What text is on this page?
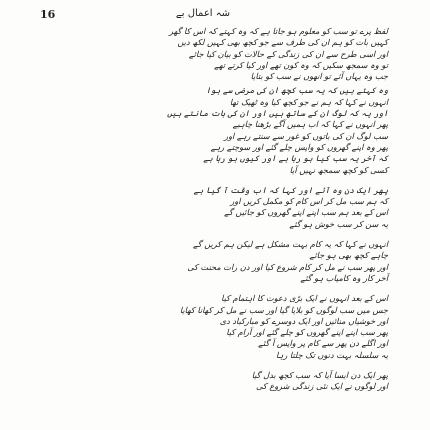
16	شہ اعمال بے

لفظ پرے تو سب کو معلوم ہو جاتا ہے کہ وہ کہتے کہ اس کا گھر
کہیں بات کو ہم ان کی طرف سے جو کچھ بھی کہیں لکھ دیں
اور اسی طرح سے ان کی زندگی کے حالات کو بیان کیا جائے
تو وہ سمجھ سکیں کہ وہ کون تھے اور کیا کرتے تھے
جب وہ یہاں آئے تو انھوں نے سب کو بتایا

وہ کہتے ہیں کہ یہ سب کچھ ان کی مرضی سے ہوا
انہوں نے کہا کہ ہم نے جو کچھ کیا وہ ٹھیک تھا
اور یہ کہ لوگ ان کے ساتھ ہیں اور ان کی بات مانتے ہیں
پھر انہوں نے کہا کہ اب ہمیں آگے بڑھنا چاہیے
سب لوگ ان کی باتوں کو غور سے سنتے رہے اور
پھر وہ اپنے گھروں کو واپس چلے گئے اور سوچتے رہے
کہ آخر یہ سب کیا ہو رہا ہے اور کیوں ہو رہا ہے
کسی کو کچھ سمجھ نہیں آیا

پھر ایک دن وہ آئے اور کہا کہ اب وقت آ گیا ہے
کہ ہم سب مل کر اس کام کو مکمل کریں اور
اس کے بعد ہم سب اپنے اپنے گھروں کو جائیں گے
یہ سن کر سب خوش ہو گئے

انہوں نے کہا کہ یہ کام بہت مشکل ہے لیکن ہم کریں گے
چاہے کچھ بھی ہو جائے
اور پھر سب نے مل کر کام شروع کیا اور دن رات محنت کی
آخر کار وہ کامیاب ہو گئے

اس کے بعد انہوں نے ایک بڑی دعوت کا اہتمام کیا
جس میں سب لوگوں کو بلایا گیا اور سب نے مل کر کھانا کھایا
اور خوشیاں منائیں اور ایک دوسرے کو مبارکباد دی
پھر سب اپنے اپنے گھروں کو چلے گئے اور آرام کیا
اور اگلے دن پھر سے کام پر واپس آ گئے
یہ سلسلہ بہت دنوں تک چلتا رہا

پھر ایک دن ایسا آیا کہ سب کچھ بدل گیا
اور لوگوں نے ایک نئی زندگی شروع کی
